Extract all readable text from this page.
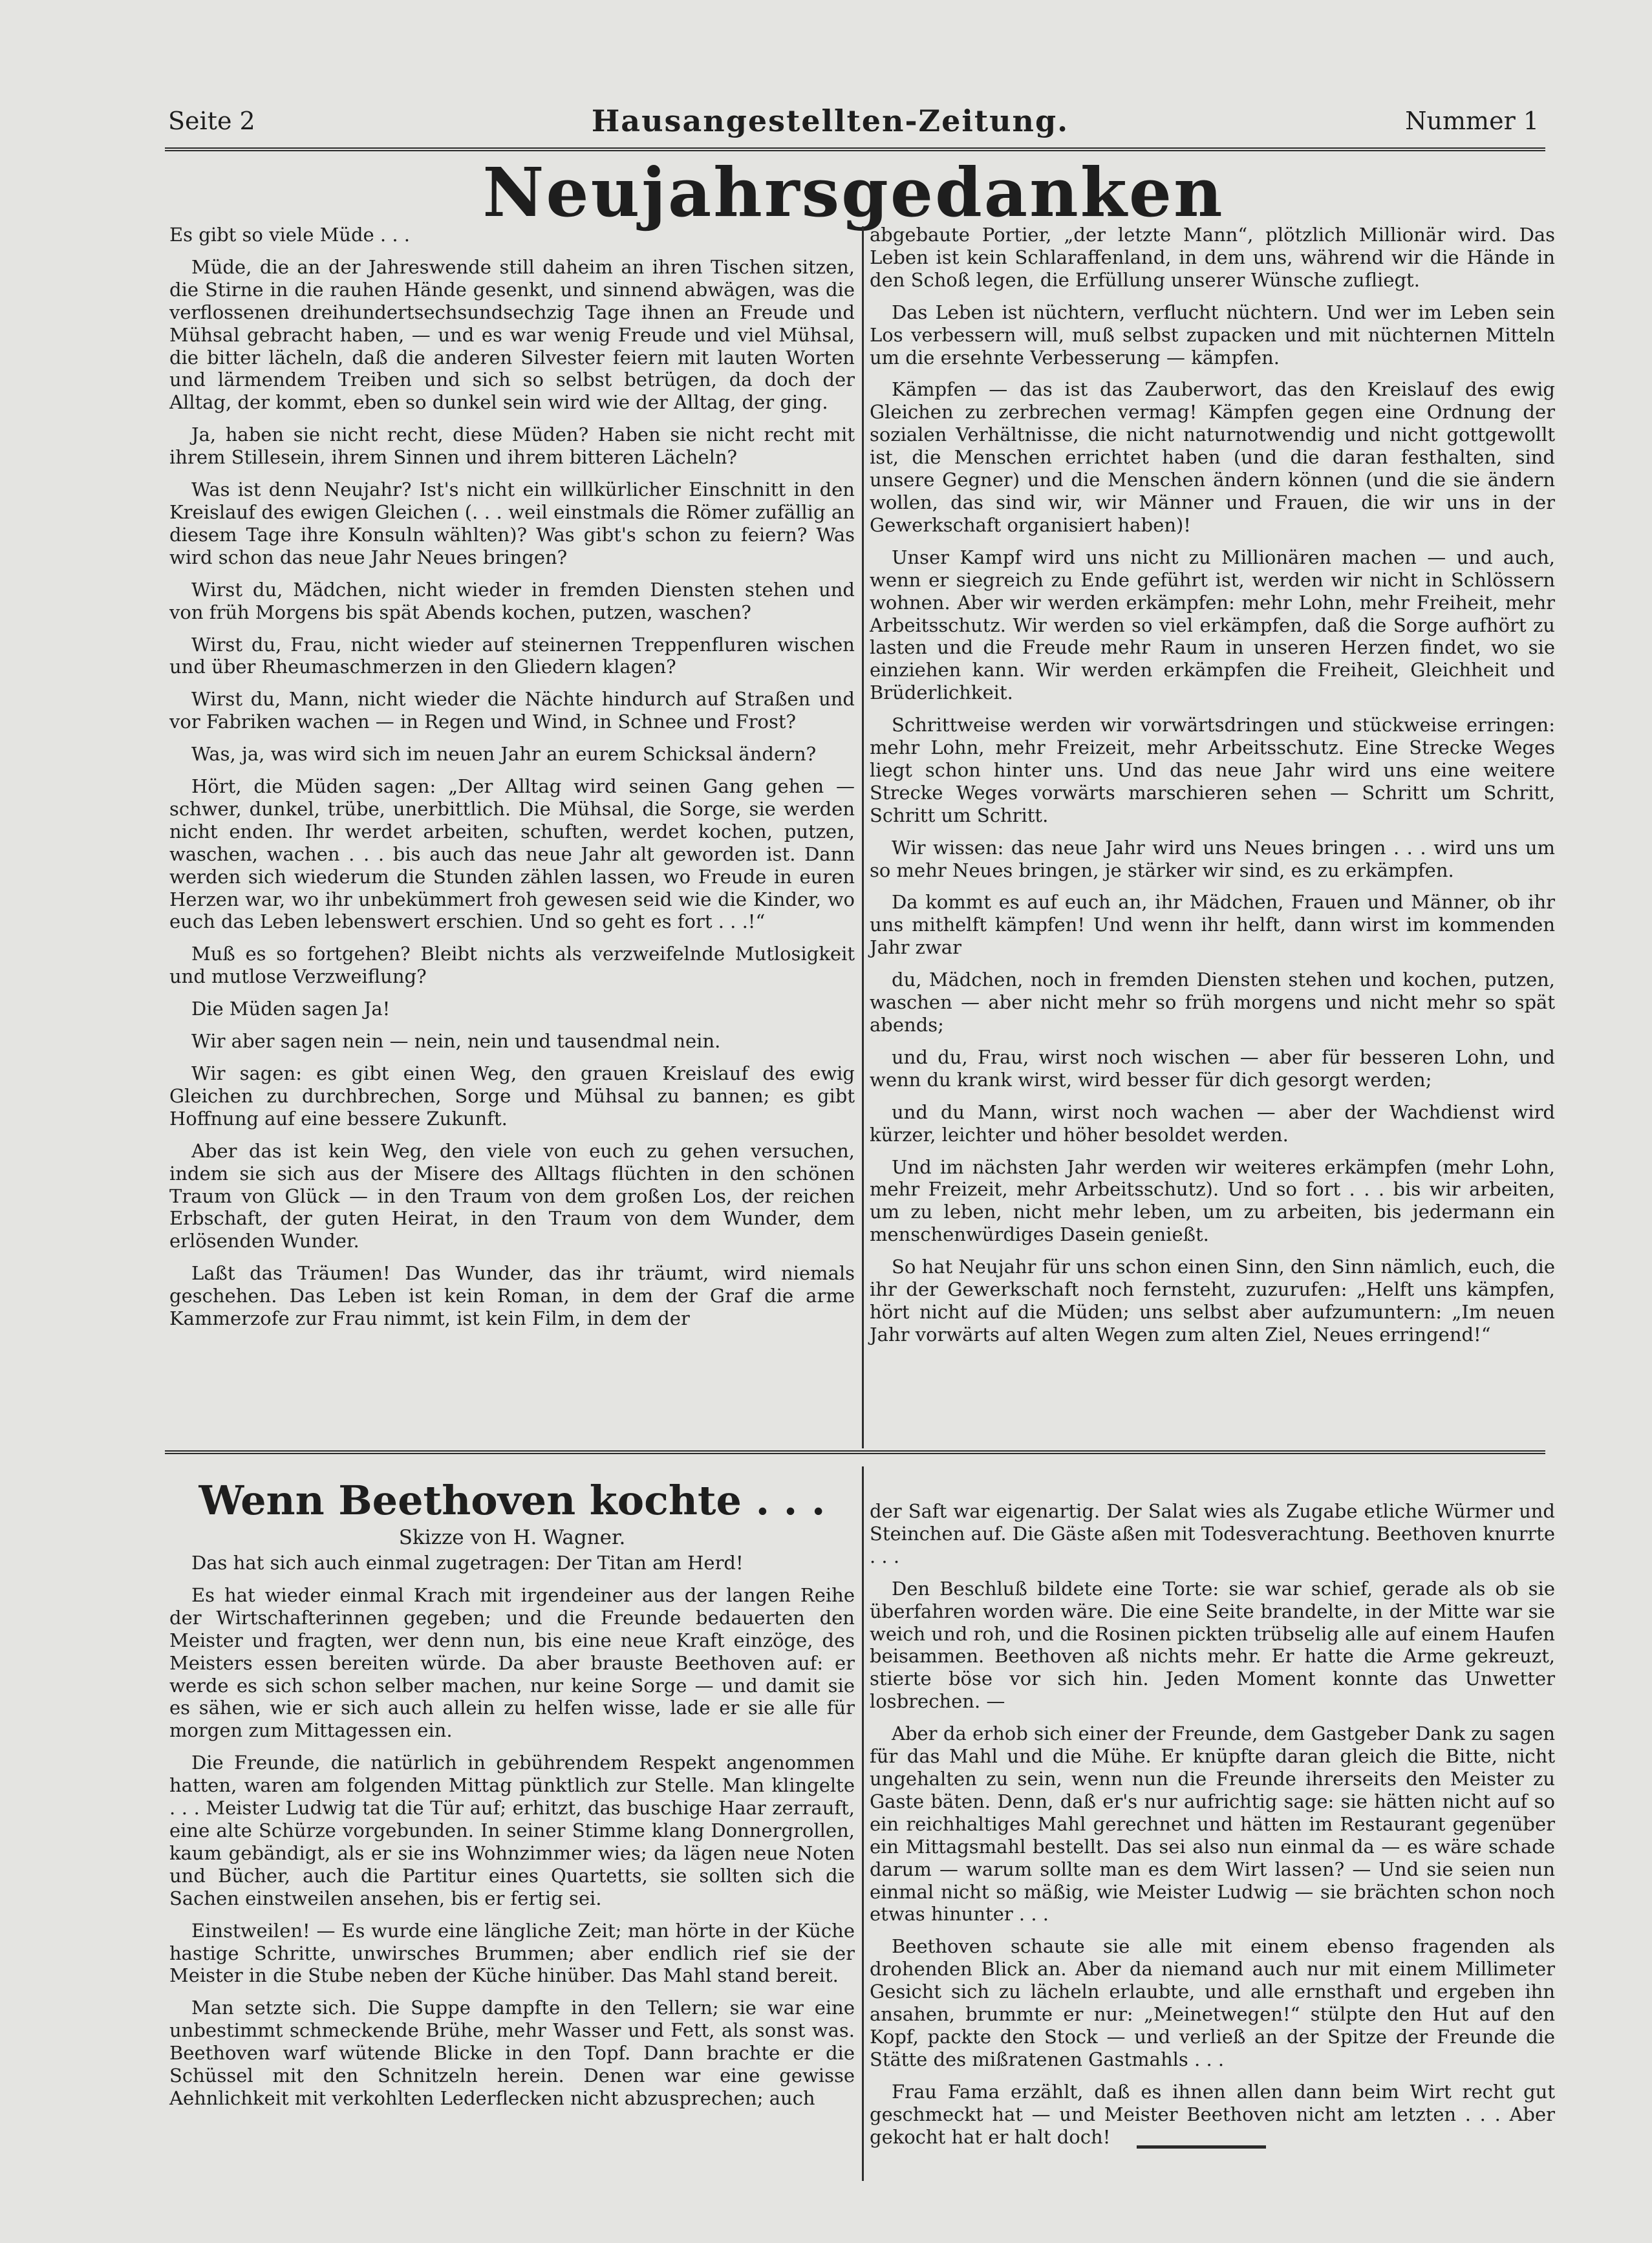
Seite 2	Hausangestellten-Zeitung.	Nummer 1
Neujahrsgedanken

Es gibt so viele Müde . . .

Müde, die an der Jahreswende still daheim an ihren Tischen sitzen, die Stirne in die rauhen Hände gesenkt, und sinnend abwägen, was die verflossenen dreihundertsechsundsechzig Tage ihnen an Freude und Mühsal gebracht haben, — und es war wenig Freude und viel Mühsal, die bitter lächeln, daß die anderen Silvester feiern mit lauten Worten und lärmendem Treiben und sich so selbst betrügen, da doch der Alltag, der kommt, eben so dunkel sein wird wie der Alltag, der ging.

Ja, haben sie nicht recht, diese Müden? Haben sie nicht recht mit ihrem Stillesein, ihrem Sinnen und ihrem bitteren Lächeln?

Was ist denn Neujahr? Ist's nicht ein willkürlicher Einschnitt in den Kreislauf des ewigen Gleichen (. . . weil einstmals die Römer zufällig an diesem Tage ihre Konsuln wählten)? Was gibt's schon zu feiern? Was wird schon das neue Jahr Neues bringen?

Wirst du, Mädchen, nicht wieder in fremden Diensten stehen und von früh Morgens bis spät Abends kochen, putzen, waschen?

Wirst du, Frau, nicht wieder auf steinernen Treppenfluren wischen und über Rheumaschmerzen in den Gliedern klagen?

Wirst du, Mann, nicht wieder die Nächte hindurch auf Straßen und vor Fabriken wachen — in Regen und Wind, in Schnee und Frost?

Was, ja, was wird sich im neuen Jahr an eurem Schicksal ändern?

Hört, die Müden sagen: „Der Alltag wird seinen Gang gehen — schwer, dunkel, trübe, unerbittlich. Die Mühsal, die Sorge, sie werden nicht enden. Ihr werdet arbeiten, schuften, werdet kochen, putzen, waschen, wachen . . . bis auch das neue Jahr alt geworden ist. Dann werden sich wiederum die Stunden zählen lassen, wo Freude in euren Herzen war, wo ihr unbekümmert froh gewesen seid wie die Kinder, wo euch das Leben lebenswert erschien. Und so geht es fort . . .!“

Muß es so fortgehen? Bleibt nichts als verzweifelnde Mutlosigkeit und mutlose Verzweiflung?

Die Müden sagen Ja!

Wir aber sagen nein — nein, nein und tausendmal nein.

Wir sagen: es gibt einen Weg, den grauen Kreislauf des ewig Gleichen zu durchbrechen, Sorge und Mühsal zu bannen; es gibt Hoffnung auf eine bessere Zukunft.

Aber das ist kein Weg, den viele von euch zu gehen versuchen, indem sie sich aus der Misere des Alltags flüchten in den schönen Traum von Glück — in den Traum von dem großen Los, der reichen Erbschaft, der guten Heirat, in den Traum von dem Wunder, dem erlösenden Wunder.

Laßt das Träumen! Das Wunder, das ihr träumt, wird niemals geschehen. Das Leben ist kein Roman, in dem der Graf die arme Kammerzofe zur Frau nimmt, ist kein Film, in dem der

abgebaute Portier, „der letzte Mann“, plötzlich Millionär wird. Das Leben ist kein Schlaraffenland, in dem uns, während wir die Hände in den Schoß legen, die Erfüllung unserer Wünsche zufliegt.

Das Leben ist nüchtern, verflucht nüchtern. Und wer im Leben sein Los verbessern will, muß selbst zupacken und mit nüchternen Mitteln um die ersehnte Verbesserung — kämpfen.

Kämpfen — das ist das Zauberwort, das den Kreislauf des ewig Gleichen zu zerbrechen vermag! Kämpfen gegen eine Ordnung der sozialen Verhältnisse, die nicht naturnotwendig und nicht gottgewollt ist, die Menschen errichtet haben (und die daran festhalten, sind unsere Gegner) und die Menschen ändern können (und die sie ändern wollen, das sind wir, wir Männer und Frauen, die wir uns in der Gewerkschaft organisiert haben)!

Unser Kampf wird uns nicht zu Millionären machen — und auch, wenn er siegreich zu Ende geführt ist, werden wir nicht in Schlössern wohnen. Aber wir werden erkämpfen: mehr Lohn, mehr Freiheit, mehr Arbeitsschutz. Wir werden so viel erkämpfen, daß die Sorge aufhört zu lasten und die Freude mehr Raum in unseren Herzen findet, wo sie einziehen kann. Wir werden erkämpfen die Freiheit, Gleichheit und Brüderlichkeit.

Schrittweise werden wir vorwärtsdringen und stückweise erringen: mehr Lohn, mehr Freizeit, mehr Arbeitsschutz. Eine Strecke Weges liegt schon hinter uns. Und das neue Jahr wird uns eine weitere Strecke Weges vorwärts marschieren sehen — Schritt um Schritt, Schritt um Schritt.

Wir wissen: das neue Jahr wird uns Neues bringen . . . wird uns um so mehr Neues bringen, je stärker wir sind, es zu erkämpfen.

Da kommt es auf euch an, ihr Mädchen, Frauen und Männer, ob ihr uns mithelft kämpfen! Und wenn ihr helft, dann wirst im kommenden Jahr zwar

du, Mädchen, noch in fremden Diensten stehen und kochen, putzen, waschen — aber nicht mehr so früh morgens und nicht mehr so spät abends;

und du, Frau, wirst noch wischen — aber für besseren Lohn, und wenn du krank wirst, wird besser für dich gesorgt werden;

und du Mann, wirst noch wachen — aber der Wachdienst wird kürzer, leichter und höher besoldet werden.

Und im nächsten Jahr werden wir weiteres erkämpfen (mehr Lohn, mehr Freizeit, mehr Arbeitsschutz). Und so fort . . . bis wir arbeiten, um zu leben, nicht mehr leben, um zu arbeiten, bis jedermann ein menschenwürdiges Dasein genießt.

So hat Neujahr für uns schon einen Sinn, den Sinn nämlich, euch, die ihr der Gewerkschaft noch fernsteht, zuzurufen: „Helft uns kämpfen, hört nicht auf die Müden; uns selbst aber aufzumuntern: „Im neuen Jahr vorwärts auf alten Wegen zum alten Ziel, Neues erringend!“

Wenn Beethoven kochte . . .
Skizze von H. Wagner.

Das hat sich auch einmal zugetragen: Der Titan am Herd!

Es hat wieder einmal Krach mit irgendeiner aus der langen Reihe der Wirtschafterinnen gegeben; und die Freunde bedauerten den Meister und fragten, wer denn nun, bis eine neue Kraft einzöge, des Meisters essen bereiten würde. Da aber brauste Beethoven auf: er werde es sich schon selber machen, nur keine Sorge — und damit sie es sähen, wie er sich auch allein zu helfen wisse, lade er sie alle für morgen zum Mittagessen ein.

Die Freunde, die natürlich in gebührendem Respekt angenommen hatten, waren am folgenden Mittag pünktlich zur Stelle. Man klingelte . . . Meister Ludwig tat die Tür auf; erhitzt, das buschige Haar zerrauft, eine alte Schürze vorgebunden. In seiner Stimme klang Donnergrollen, kaum gebändigt, als er sie ins Wohnzimmer wies; da lägen neue Noten und Bücher, auch die Partitur eines Quartetts, sie sollten sich die Sachen einstweilen ansehen, bis er fertig sei.

Einstweilen! — Es wurde eine längliche Zeit; man hörte in der Küche hastige Schritte, unwirsches Brummen; aber endlich rief sie der Meister in die Stube neben der Küche hinüber. Das Mahl stand bereit.

Man setzte sich. Die Suppe dampfte in den Tellern; sie war eine unbestimmt schmeckende Brühe, mehr Wasser und Fett, als sonst was. Beethoven warf wütende Blicke in den Topf. Dann brachte er die Schüssel mit den Schnitzeln herein. Denen war eine gewisse Aehnlichkeit mit verkohlten Lederflecken nicht abzusprechen; auch

der Saft war eigenartig. Der Salat wies als Zugabe etliche Würmer und Steinchen auf. Die Gäste aßen mit Todesverachtung. Beethoven knurrte . . .

Den Beschluß bildete eine Torte: sie war schief, gerade als ob sie überfahren worden wäre. Die eine Seite brandelte, in der Mitte war sie weich und roh, und die Rosinen pickten trübselig alle auf einem Haufen beisammen. Beethoven aß nichts mehr. Er hatte die Arme gekreuzt, stierte böse vor sich hin. Jeden Moment konnte das Unwetter losbrechen. —

Aber da erhob sich einer der Freunde, dem Gastgeber Dank zu sagen für das Mahl und die Mühe. Er knüpfte daran gleich die Bitte, nicht ungehalten zu sein, wenn nun die Freunde ihrerseits den Meister zu Gaste bäten. Denn, daß er's nur aufrichtig sage: sie hätten nicht auf so ein reichhaltiges Mahl gerechnet und hätten im Restaurant gegenüber ein Mittagsmahl bestellt. Das sei also nun einmal da — es wäre schade darum — warum sollte man es dem Wirt lassen? — Und sie seien nun einmal nicht so mäßig, wie Meister Ludwig — sie brächten schon noch etwas hinunter . . .

Beethoven schaute sie alle mit einem ebenso fragenden als drohenden Blick an. Aber da niemand auch nur mit einem Millimeter Gesicht sich zu lächeln erlaubte, und alle ernsthaft und ergeben ihn ansahen, brummte er nur: „Meinetwegen!“ stülpte den Hut auf den Kopf, packte den Stock — und verließ an der Spitze der Freunde die Stätte des mißratenen Gastmahls . . .

Frau Fama erzählt, daß es ihnen allen dann beim Wirt recht gut geschmeckt hat — und Meister Beethoven nicht am letzten . . . Aber gekocht hat er halt doch!
